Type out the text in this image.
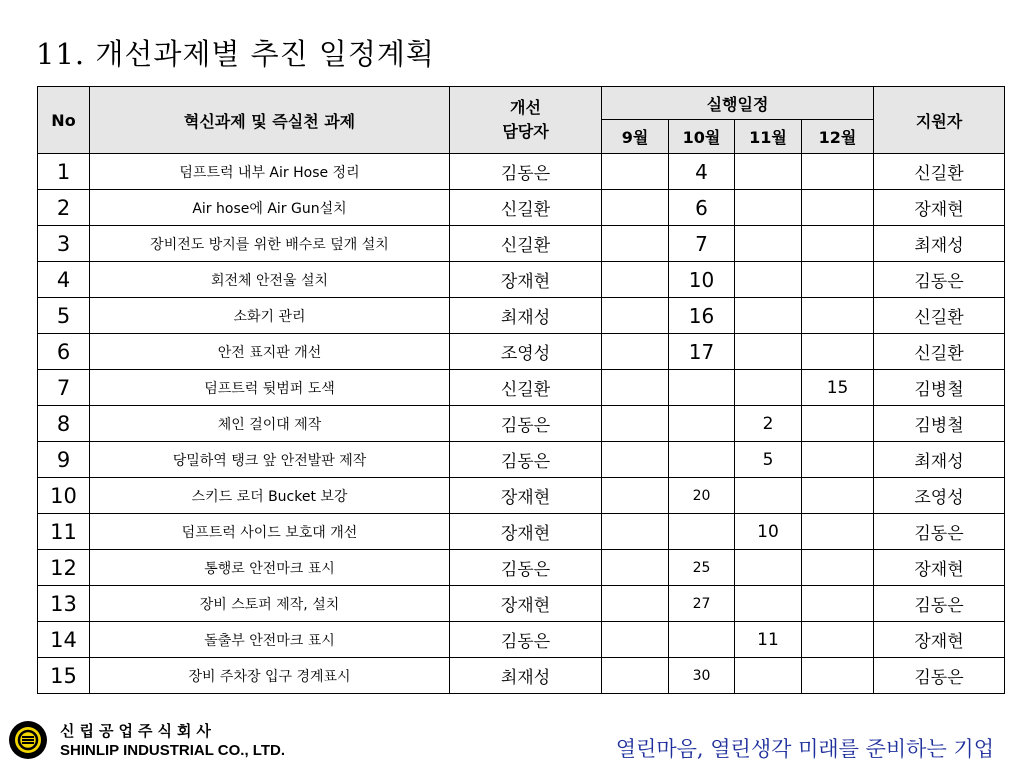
11. 개선과제별 추진 일정계획
No	혁신과제 및 즉실천 과제	개선
담당자	실행일정				지원자
			9월	10월	11월	12월	
1	덤프트럭 내부 Air Hose 정리	김동은		4			신길환
2	Air hose에 Air Gun설치	신길환		6			장재현
3	장비전도 방지를 위한 배수로 덮개 설치	신길환		7			최재성
4	회전체 안전울 설치	장재현		10			김동은
5	소화기 관리	최재성		16			신길환
6	안전 표지판 개선	조영성		17			신길환
7	덤프트럭 뒷범퍼 도색	신길환				15	김병철
8	체인 걸이대 제작	김동은			2		김병철
9	당밀하역 탱크 앞 안전발판 제작	김동은			5		최재성
10	스키드 로더 Bucket 보강	장재현		20			조영성
11	덤프트럭 사이드 보호대 개선	장재현			10		김동은
12	통행로 안전마크 표시	김동은		25			장재현
13	장비 스토퍼 제작, 설치	장재현		27			김동은
14	돌출부 안전마크 표시	김동은			11		장재현
15	장비 주차장 입구 경계표시	최재성		30			김동은
신립공업주식회사
SHINLIP INDUSTRIAL CO., LTD.	열린마음, 열린생각 미래를 준비하는 기업
